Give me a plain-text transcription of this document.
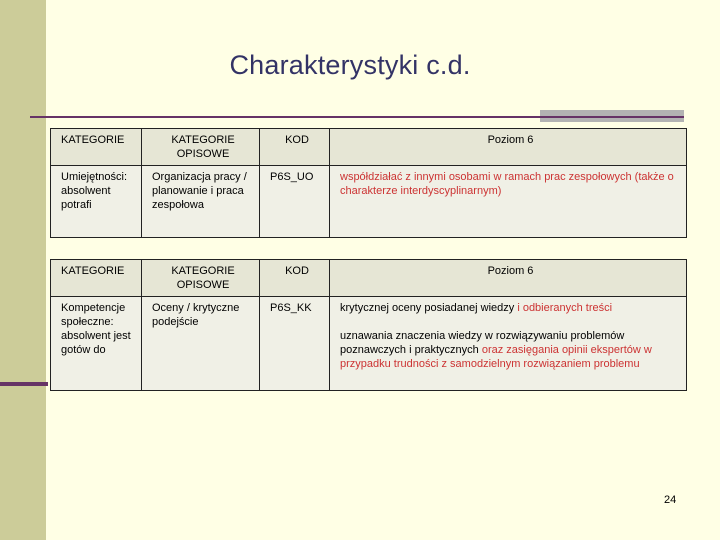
Charakterystyki c.d.
KATEGORIE	KATEGORIE OPISOWE	KOD	Poziom 6
Umiejętności: absolwent potrafi	Organizacja pracy / planowanie i praca zespołowa	P6S_UO	współdziałać z innymi osobami w ramach prac zespołowych (także o charakterze interdyscyplinarnym)
KATEGORIE	KATEGORIE OPISOWE	KOD	Poziom 6
Kompetencje społeczne: absolwent jest gotów do	Oceny / krytyczne podejście	P6S_KK	krytycznej oceny posiadanej wiedzy i odbieranych treści
uznawania znaczenia wiedzy w rozwiązywaniu problemów poznawczych i praktycznych oraz zasięgania opinii ekspertów w przypadku trudności z samodzielnym rozwiązaniem problemu
24
